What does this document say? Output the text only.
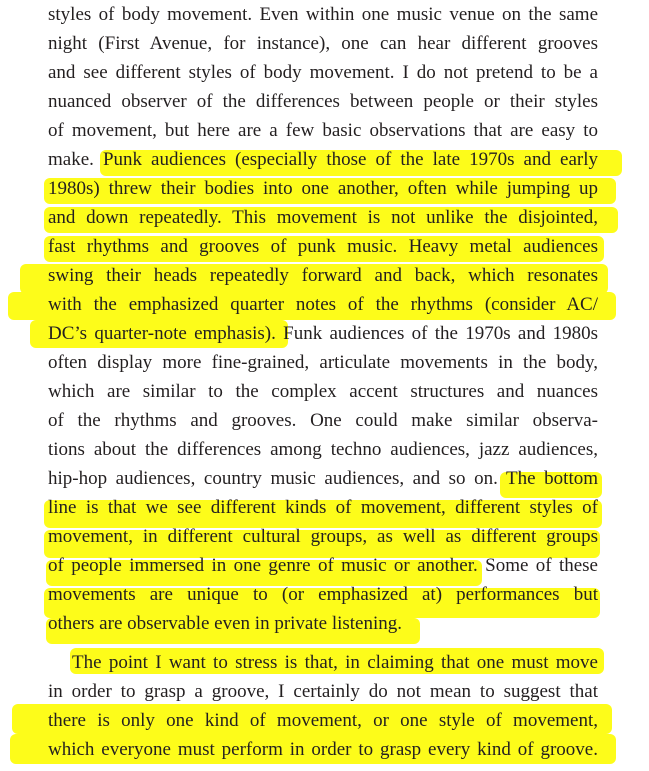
styles of body movement. Even within one music venue on the same
night (First Avenue, for instance), one can hear different grooves
and see different styles of body movement. I do not pretend to be a
nuanced observer of the differences between people or their styles
of movement, but here are a few basic observations that are easy to
make. Punk audiences (especially those of the late 1970s and early
1980s) threw their bodies into one another, often while jumping up
and down repeatedly. This movement is not unlike the disjointed,
fast rhythms and grooves of punk music. Heavy metal audiences
swing their heads repeatedly forward and back, which resonates
with the emphasized quarter notes of the rhythms (consider AC/
DC’s quarter-note emphasis). Funk audiences of the 1970s and 1980s
often display more fine-grained, articulate movements in the body,
which are similar to the complex accent structures and nuances
of the rhythms and grooves. One could make similar observa-
tions about the differences among techno audiences, jazz audiences,
hip-hop audiences, country music audiences, and so on. The bottom
line is that we see different kinds of movement, different styles of
movement, in different cultural groups, as well as different groups
of people immersed in one genre of music or another. Some of these
movements are unique to (or emphasized at) performances but
others are observable even in private listening.
The point I want to stress is that, in claiming that one must move
in order to grasp a groove, I certainly do not mean to suggest that
there is only one kind of movement, or one style of movement,
which everyone must perform in order to grasp every kind of groove.
